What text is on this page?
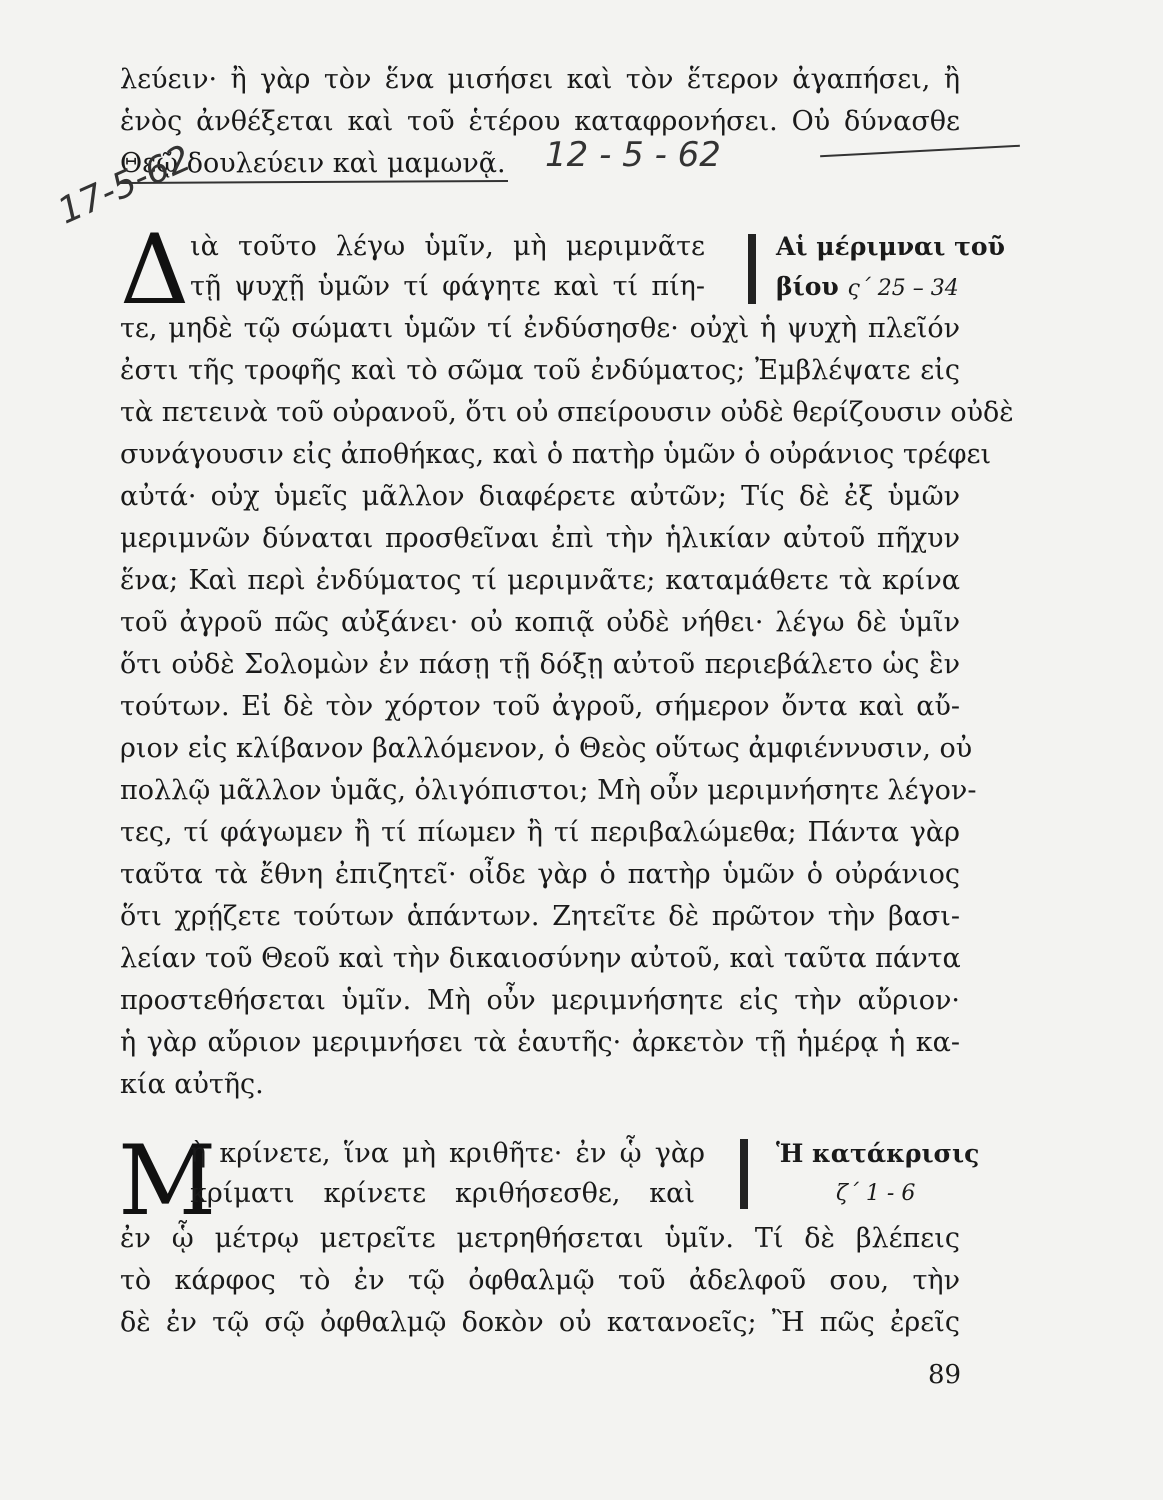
λεύειν· ἢ γὰρ τὸν ἕνα μισήσει καὶ τὸν ἕτερον ἀγαπήσει, ἢ
ἑνὸς ἀνθέξεται καὶ τοῦ ἑτέρου καταφρονήσει. Οὐ δύνασθε
Θεῷ δουλεύειν καὶ μαμωνᾷ.	12 - 5 - 62
17-5-62
Δ ιὰ τοῦτο λέγω ὑμῖν, μὴ μεριμνᾶτε
τῇ ψυχῇ ὑμῶν τί φάγητε καὶ τί πίη-
Αἱ μέριμναι τοῦ
βίου ς΄ 25 – 34
τε, μηδὲ τῷ σώματι ὑμῶν τί ἐνδύσησθε· οὐχὶ ἡ ψυχὴ πλεῖόν
ἐστι τῆς τροφῆς καὶ τὸ σῶμα τοῦ ἐνδύματος; Ἐμβλέψατε εἰς
τὰ πετεινὰ τοῦ οὐρανοῦ, ὅτι οὐ σπείρουσιν οὐδὲ θερίζουσιν οὐδὲ
συνάγουσιν εἰς ἀποθήκας, καὶ ὁ πατὴρ ὑμῶν ὁ οὐράνιος τρέφει
αὐτά· οὐχ ὑμεῖς μᾶλλον διαφέρετε αὐτῶν; Τίς δὲ ἐξ ὑμῶν
μεριμνῶν δύναται προσθεῖναι ἐπὶ τὴν ἡλικίαν αὐτοῦ πῆχυν
ἕνα; Καὶ περὶ ἐνδύματος τί μεριμνᾶτε; καταμάθετε τὰ κρίνα
τοῦ ἀγροῦ πῶς αὐξάνει· οὐ κοπιᾷ οὐδὲ νήθει· λέγω δὲ ὑμῖν
ὅτι οὐδὲ Σολομὼν ἐν πάσῃ τῇ δόξῃ αὐτοῦ περιεβάλετο ὡς ἓν
τούτων. Εἰ δὲ τὸν χόρτον τοῦ ἀγροῦ, σήμερον ὄντα καὶ αὔ-
ριον εἰς κλίβανον βαλλόμενον, ὁ Θεὸς οὕτως ἀμφιέννυσιν, οὐ
πολλῷ μᾶλλον ὑμᾶς, ὀλιγόπιστοι; Μὴ οὖν μεριμνήσητε λέγον-
τες, τί φάγωμεν ἢ τί πίωμεν ἢ τί περιβαλώμεθα; Πάντα γὰρ
ταῦτα τὰ ἔθνη ἐπιζητεῖ· οἶδε γὰρ ὁ πατὴρ ὑμῶν ὁ οὐράνιος
ὅτι χρῄζετε τούτων ἁπάντων. Ζητεῖτε δὲ πρῶτον τὴν βασι-
λείαν τοῦ Θεοῦ καὶ τὴν δικαιοσύνην αὐτοῦ, καὶ ταῦτα πάντα
προστεθήσεται ὑμῖν. Μὴ οὖν μεριμνήσητε εἰς τὴν αὔριον·
ἡ γὰρ αὔριον μεριμνήσει τὰ ἑαυτῆς· ἀρκετὸν τῇ ἡμέρᾳ ἡ κα-
κία αὐτῆς.
Μ
ὴ κρίνετε, ἵνα μὴ κριθῆτε· ἐν ᾧ γὰρ
κρίματι κρίνετε κριθήσεσθε, καὶ
Ἡ κατάκρισις
ζ΄ 1 - 6
ἐν ᾧ μέτρῳ μετρεῖτε μετρηθήσεται ὑμῖν. Τί δὲ βλέπεις
τὸ κάρφος τὸ ἐν τῷ ὀφθαλμῷ τοῦ ἀδελφοῦ σου, τὴν
δὲ ἐν τῷ σῷ ὀφθαλμῷ δοκὸν οὐ κατανοεῖς; Ἢ πῶς ἐρεῖς
89
